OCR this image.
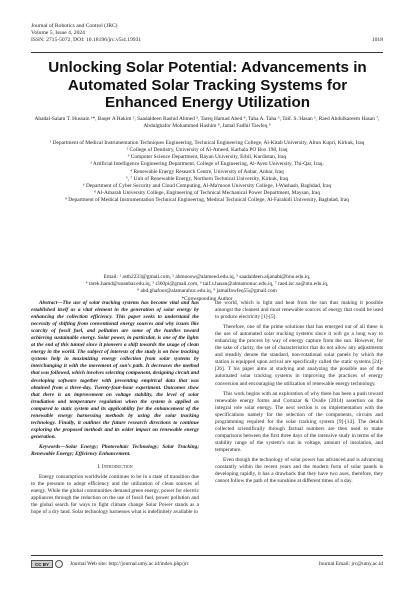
Journal of Robotics and Control (JRC)
Volume 5, Issue 4, 2024
ISSN: 2715-5072, DOI: 10.18196/jrc.v5i4.19931	1018
Unlocking Solar Potential: Advancements in Automated Solar Tracking Systems for Enhanced Energy Utilization
Abadal-Salam T. Hussain ¹*, Baqer A Hakim ², Saadaldeen Rashid Ahmed ³, Tareq Hamad Abed ⁴, Taha A. Taha ⁵, Taif. S. Hasan ⁶, Raed Abdulkareem Hasan ⁷, Abdulghafor Mohammed Hashim ⁸, Jamal Fadhil Tawfeq ⁹

¹ Department of Medical Instrumentation Techniques Engineering, Technical Engineering College, Al-Kitab University, Altun Kupri, Kirkuk, Iraq

² College of Dentistry, University of Al-Ameed, Karbala PO Box 198, Iraq

³ Computer Science Department, Bayan University, Erbil, Kurdistan, Iraq

³ Artificial Intelligence Engineering Department, College of Engineering, Al-Ayen University, Thi-Qar, Iraq.

⁴ Renewable Energy Research Centre, University of Anbar, Anbar, Iraq

⁵, ⁷ Unit of Renewable Energy, Northern Technical University, Kirkuk, Iraq

⁶ Department of Cyber Security and Cloud Computing, Al-Ma'moon University College, I-Washash, Baghdad, Iraq

⁸ Al-Amarah University College, Engineering of Technical Mechanical Power Department, Maysan, Iraq

⁹ Department of Medical Instrumentation Technical Engineering, Medical Technical College, Al-Farahidi University, Baghdad, Iraq

Email: ¹ asth2233@gmail.com, ² abmoosw@alameed.edu.iq, ³ saadaldeen.aljanabi@bnu.edu.iq,
⁴ tarek.hamd@uoanbar.edu.iq, ⁵ t360pi@gmail.com, ⁶ taif.s.hasan@almamonuc.edu.iq, ⁷ raed.isc.sa@ntu.edu.iq,
⁸ abd.ghafoor@alamarahuc.edu.iq, ⁹ jamalfawfeq55@gmail.com
*Corresponding Author

Abstract—The use of solar tracking systems has become vital and has established itself as a vital element in the generation of solar energy by enhancing the collection efficiency. This paper seeks to understand the necessity of shifting from conventional energy sources and why issues like scarcity of fossil fuel, and pollution are some of the hurdles toward achieving sustainable energy. Solar power, in particular, is one of the lights at the end of this tunnel since it pioneers a shift towards the usage of clean energy in the world. The subject of interests of the study is on how tracking systems help in maximizing energy collection from solar systems by interchanging it with the movement of sun’s path. It decreases the method that was followed, which involves selecting component, designing circuit and developing software together with presenting empirical data that was obtained from a three-day, Twenty-four-hour experiment. Outcomes show that there is an improvement on voltage stability, the level of solar irradiation and temperature regulation when the system is applied as compared to static system and its applicability for the enhancement of the renewable energy harnessing methods by using the solar tracking technology. Finally, it outlines the future research directions to continue exploring the proposed methods and its wider impact on renewable energy generation.

Keywords—Solar Energy; Photovoltaic Technology; Solar Tracking; Renewable Energy; Efficiency Enhancement.

I. Introduction

Energy consumption worldwide continues to be in a state of transition due to the pressure to adopt efficiency and the utilization of clean sources of energy. While the global communities demand green energy, power for electric appliances through the reduction on the use of fossil fuel, power pollution and the global search for ways to fight climate change Solar Power stands as a hope of a dry land. Solar technology harnesses what is indefinitely available in

the world, which is light and heat from the sun thus making it possible amongst the cleanest and most renewable sources of energy that could be used to produce electricity [1]-[5].

Therefore, one of the prime solutions that has emerged out of all these is the use of automated solar tracking systems since it will go a long way to enhancing the process by way of energy capture from the sun. However, for the sake of clarity, the set of characteristics that do not allow any adjustments and steadily denote the standard, non-rotational solar panels by which the station is equipped upon arrival are specifically called the static systems [24]-[26]. T his paper aims at studying and analyzing the possible use of the automated solar tracking systems in improving the practices of energy conversion and encouraging the utilization of renewable energy technology.

This work begins with an exploration of why there has been a push toward renewable energy forms and Cortazar & Ovalle (2014) assertion on the integral role solar energy. The next section is on implementation with the specifications namely for the selection of the components, circuits and programming required for the solar tracking system [9]-[14]. The details collected scientifically through factual numbers are then used to make comparisons between the first three days of the intensive study in terms of the stability range of the system’s run in voltage, amount of insolation, and temperature.

Even though the technology of solar power has advanced and is advancing constantly within the recent years and the modern form of solar panels is developing rapidly, it has a drawback that they have two axes, therefore, they cannot follow the path of the sunshine at different times of a day.

CC BY	Journal Web site: http://journal.umy.ac.id/index.php/jrc	Journal Email: jrc@umy.ac.id
